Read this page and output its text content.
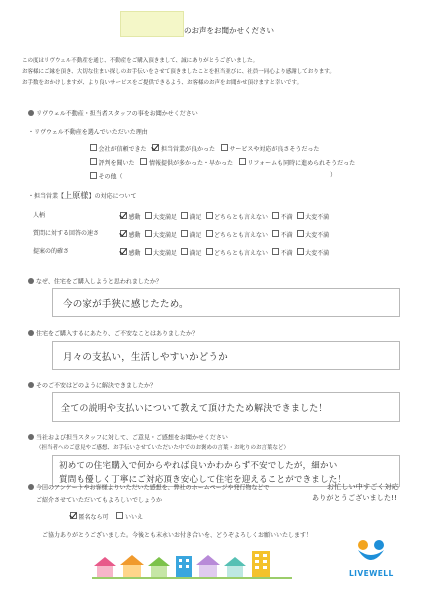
のお声をお聞かせください
この度はリヴウェル不動産を通じ、不動産をご購入頂きまして、誠にありがとうございました。
お客様にご縁を頂き、大切な住まい探しのお手伝いをさせて頂きましたことを担当並びに、社員一同心より感謝しております。
お手数をおかけしますが、より良いサービスをご提供できるよう、お客様のお声をお聞かせ頂けますと幸いです。
リヴウェル不動産・担当者スタッフの事をお聞かせください
・リヴウェル不動産を選んでいただいた理由
会社が信頼できた 担当営業が良かった サービスや対応が良さそうだった
評判を聞いた 情報提供が多かった・早かった リフォームも同時に進められそうだった
その他（	）
・担当営業【上原様】の対応について
人柄	感動 大変満足 満足 どちらとも言えない 不満 大変不満
質問に対する回答の速さ	感動 大変満足 満足 どちらとも言えない 不満 大変不満
提案の的確さ	感動 大変満足 満足 どちらとも言えない 不満 大変不満
なぜ、住宅をご購入しようと思われましたか？
今の家が手狭に感じたため。
住宅をご購入するにあたり、ご不安なことはありましたか？
月々の支払い，生活しやすいかどうか
そのご不安はどのように解決できましたか？
全ての説明や支払いについて教えて頂けたため解決できました！
当社および担当スタッフに対して、ご意見・ご感想をお聞かせください
（担当者へのご意見やご感想、お手伝いさせていただいた中でのお褒めの言葉・お叱りのお言葉など）
初めての住宅購入で何からやれば良いかわからず不安でしたが，細かい
質問も優しく丁寧にご対応頂き安心して住宅を迎えることができました！
お忙しい中すごく対応
ありがとうございました!!
今回のアンケートやお客様よりいただいた感想を、弊社のホームページや発行物などで
ご紹介させていただいてもよろしいでしょうか
匿名なら可	いいえ
ご協力ありがとうございました。今後とも末永いお付き合いを、どうぞよろしくお願いいたします！
LIVEWELL
